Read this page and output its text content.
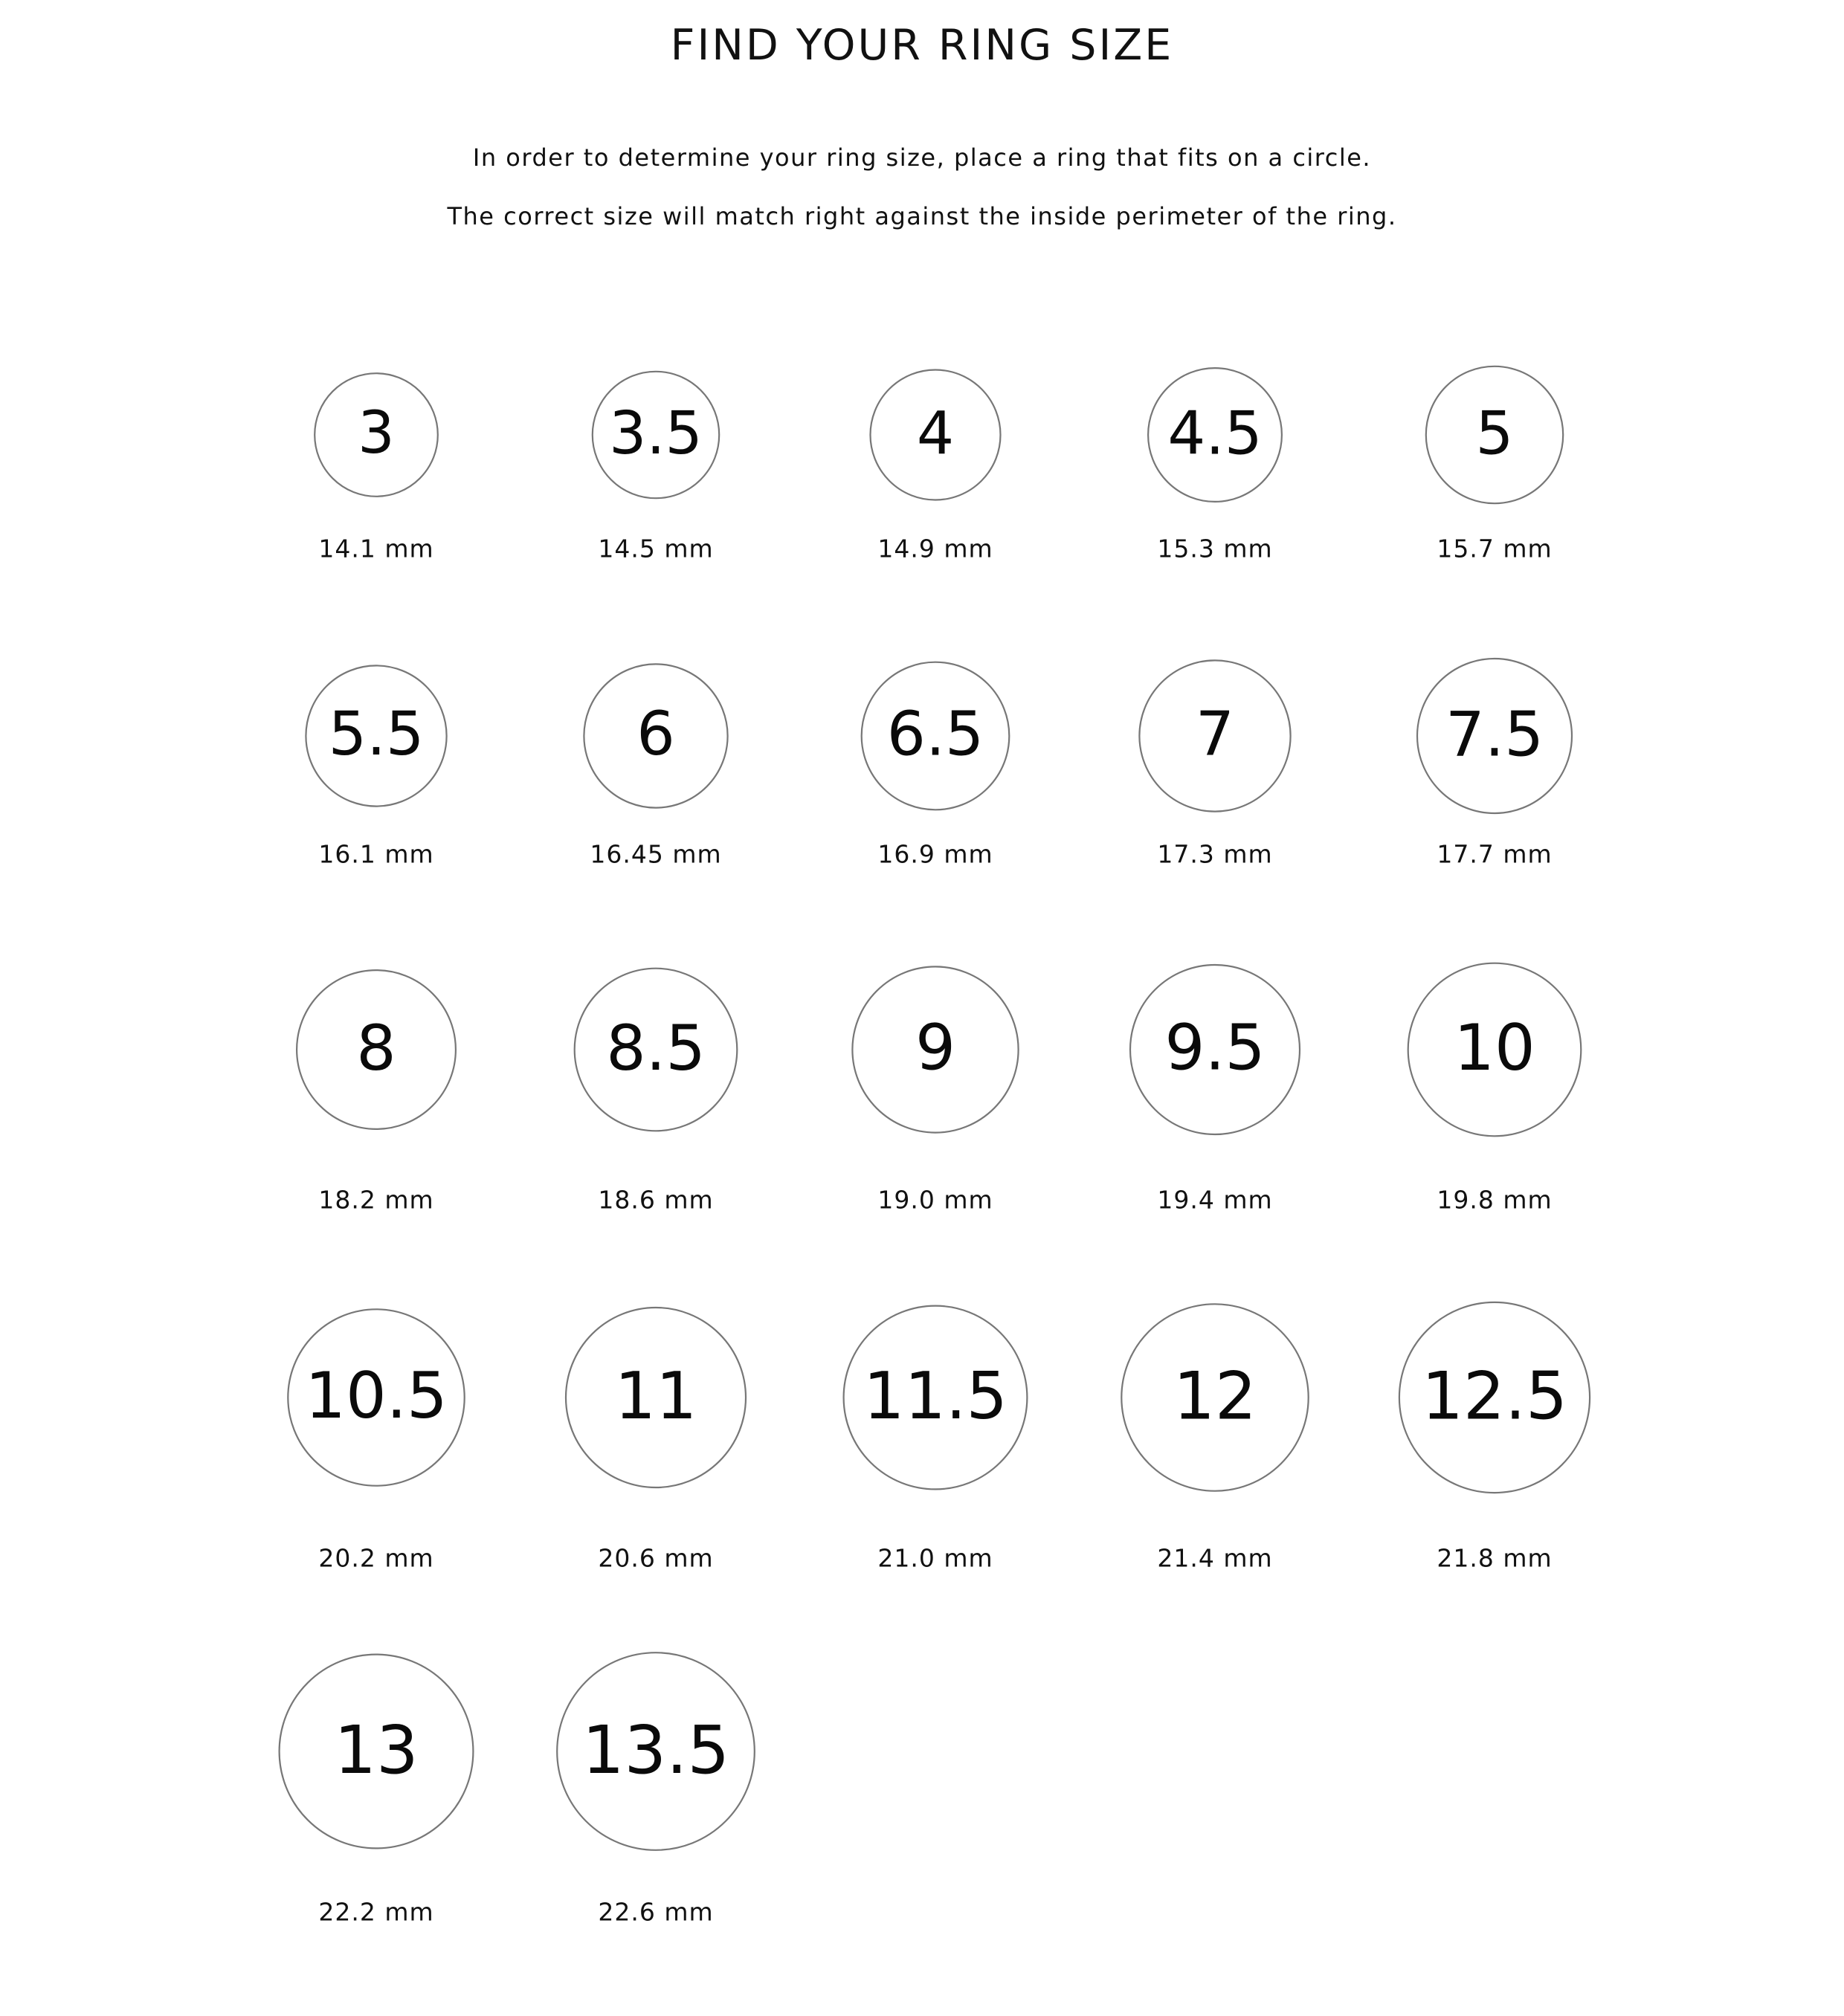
FIND YOUR RING SIZE

In order to determine your ring size, place a ring that fits on a circle.

The correct size will match right against the inside perimeter of the ring.

3
14.1 mm
3.5
14.5 mm
4
14.9 mm
4.5
15.3 mm
5
15.7 mm
5.5
16.1 mm
6
16.45 mm
6.5
16.9 mm
7
17.3 mm
7.5
17.7 mm
8
18.2 mm
8.5
18.6 mm
9
19.0 mm
9.5
19.4 mm
10
19.8 mm
10.5
20.2 mm
11
20.6 mm
11.5
21.0 mm
12
21.4 mm
12.5
21.8 mm
13
22.2 mm
13.5
22.6 mm
